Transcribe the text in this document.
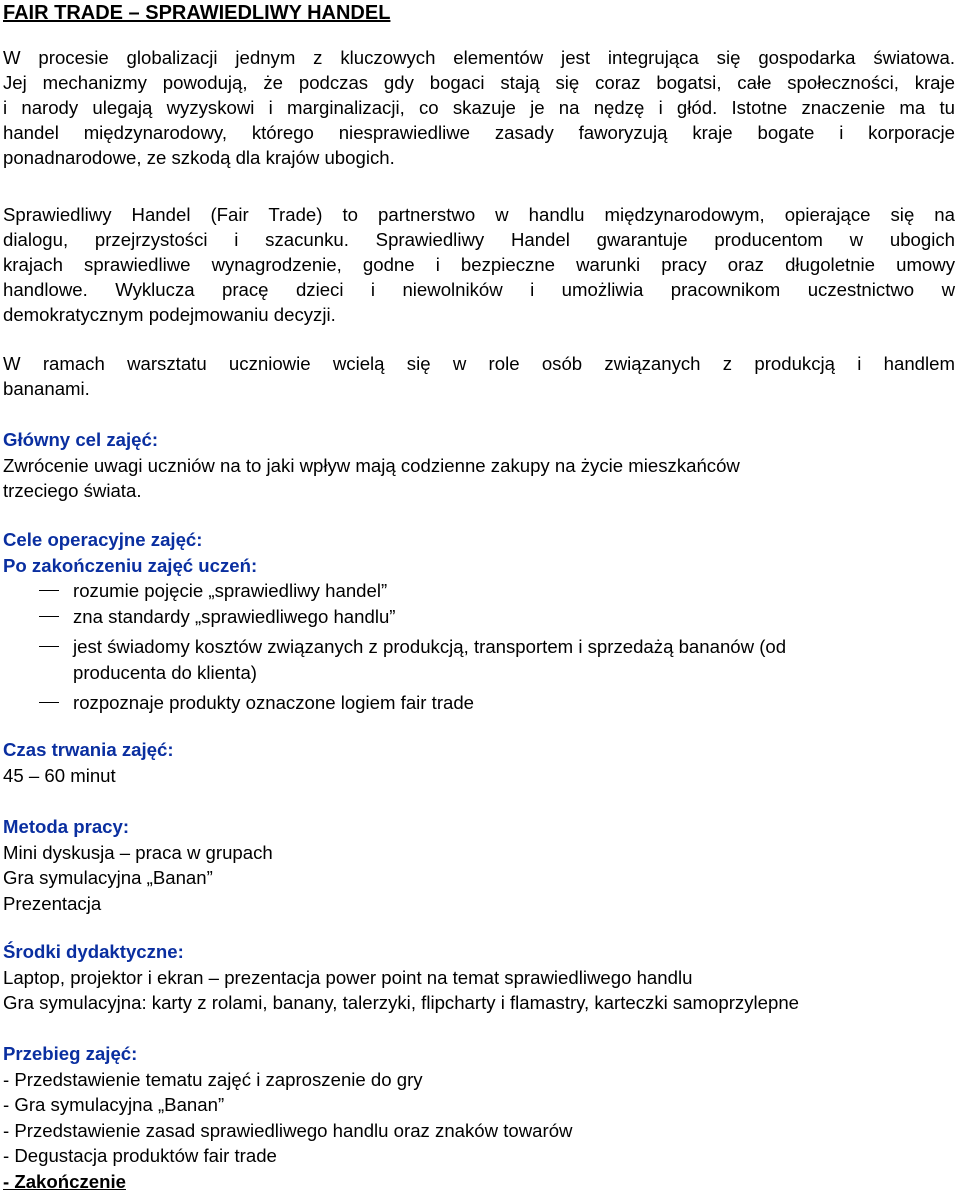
FAIR TRADE – SPRAWIEDLIWY HANDEL
W procesie globalizacji jednym z kluczowych elementów jest integrująca się gospodarka światowa.
Jej mechanizmy powodują, że podczas gdy bogaci stają się coraz bogatsi, całe społeczności, kraje
i narody ulegają wyzyskowi i marginalizacji, co skazuje je na nędzę i głód. Istotne znaczenie ma tu
handel międzynarodowy, którego niesprawiedliwe zasady faworyzują kraje bogate i korporacje
ponadnarodowe, ze szkodą dla krajów ubogich.
Sprawiedliwy Handel (Fair Trade) to partnerstwo w handlu międzynarodowym, opierające się na
dialogu, przejrzystości i szacunku. Sprawiedliwy Handel gwarantuje producentom w ubogich
krajach sprawiedliwe wynagrodzenie, godne i bezpieczne warunki pracy oraz długoletnie umowy
handlowe. Wyklucza pracę dzieci i niewolników i umożliwia pracownikom uczestnictwo w
demokratycznym podejmowaniu decyzji.
W ramach warsztatu uczniowie wcielą się w role osób związanych z produkcją i handlem
bananami.
Główny cel zajęć:
Zwrócenie uwagi uczniów na to jaki wpływ mają codzienne zakupy na życie mieszkańców
trzeciego świata.
Cele operacyjne zajęć:
Po zakończeniu zajęć uczeń:
rozumie pojęcie „sprawiedliwy handel”
zna standardy „sprawiedliwego handlu”
jest świadomy kosztów związanych z produkcją, transportem i sprzedażą bananów (od
producenta do klienta)
rozpoznaje produkty oznaczone logiem fair trade
Czas trwania zajęć:
45 – 60 minut
Metoda pracy:
Mini dyskusja – praca w grupach
Gra symulacyjna „Banan”
Prezentacja
Środki dydaktyczne:
Laptop, projektor i ekran – prezentacja power point na temat sprawiedliwego handlu
Gra symulacyjna: karty z rolami, banany, talerzyki, flipcharty i flamastry, karteczki samoprzylepne
Przebieg zajęć:
- Przedstawienie tematu zajęć i zaproszenie do gry
- Gra symulacyjna „Banan”
- Przedstawienie zasad sprawiedliwego handlu oraz znaków towarów
- Degustacja produktów fair trade
- Zakończenie
